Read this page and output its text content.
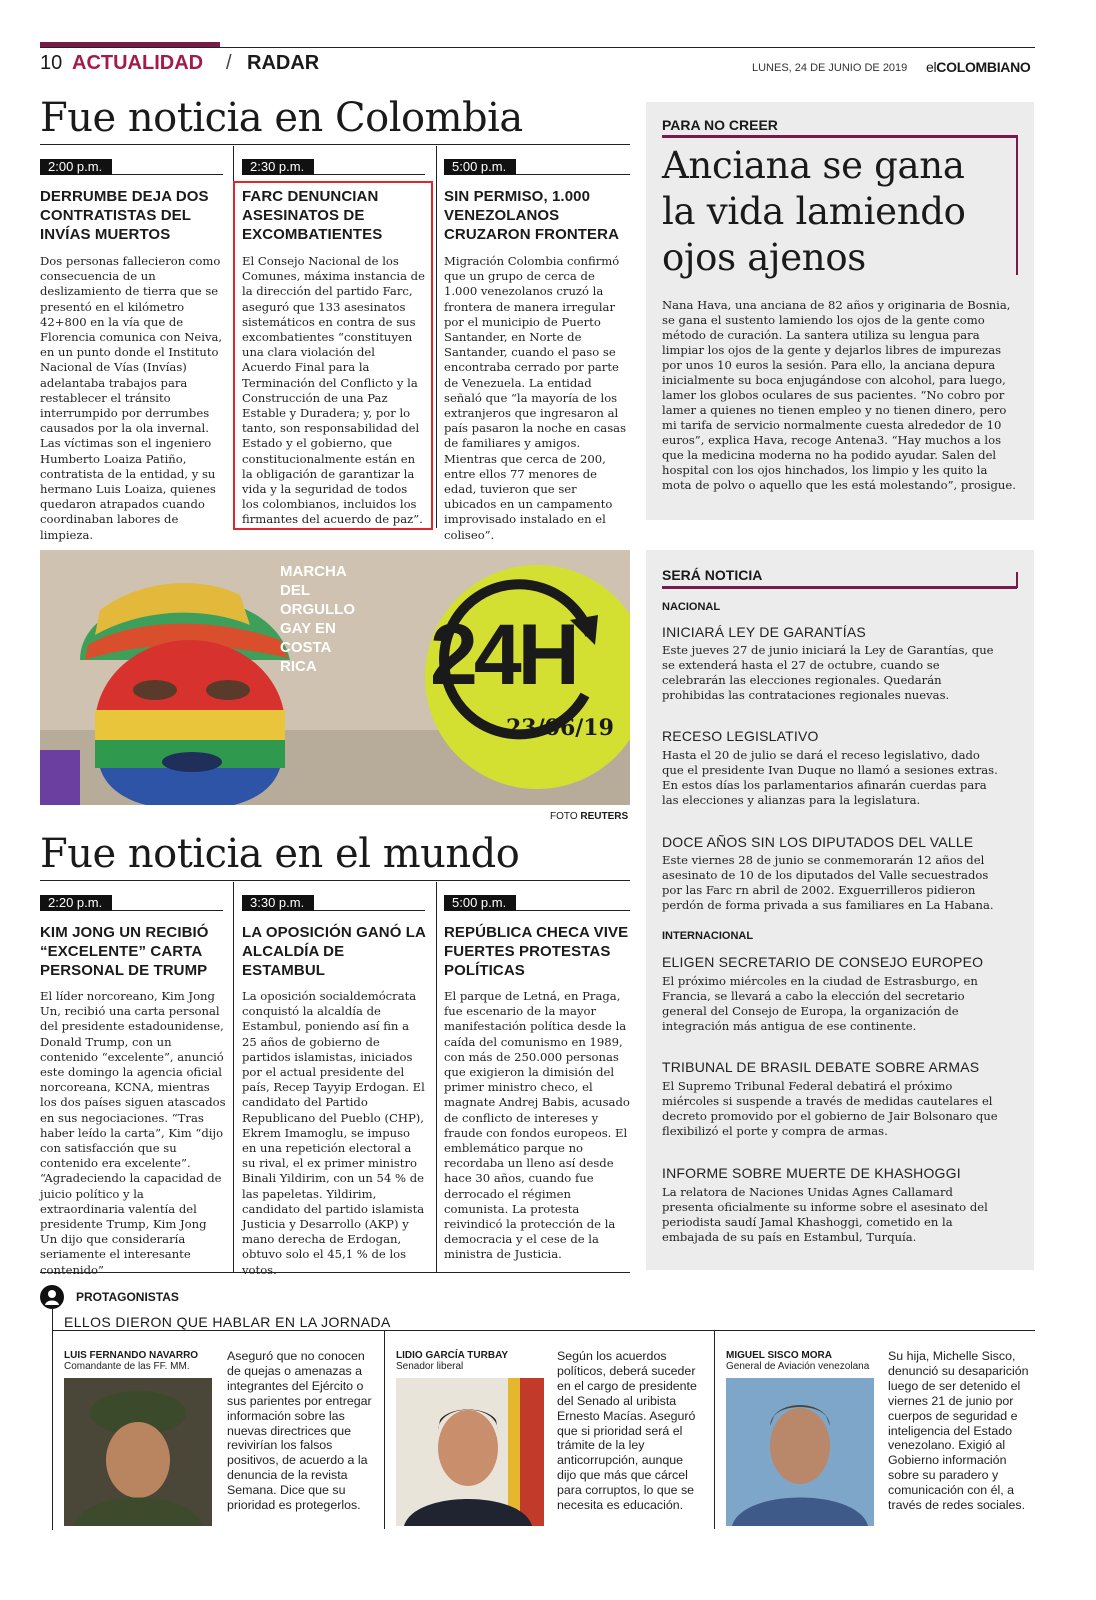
10 ACTUALIDAD / RADAR	LUNES, 24 DE JUNIO DE 2019 elCOLOMBIANO
Fue noticia en Colombia
2:00 p.m.
DERRUMBE DEJA DOS CONTRATISTAS DEL INVÍAS MUERTOS
Dos personas fallecieron como consecuencia de un deslizamiento de tierra que se presentó en el kilómetro 42+800 en la vía que de Florencia comunica con Neiva, en un punto donde el Instituto Nacional de Vías (Invías) adelantaba trabajos para restablecer el tránsito interrumpido por derrumbes causados por la ola invernal. Las víctimas son el ingeniero Humberto Loaiza Patiño, contratista de la entidad, y su hermano Luis Loaiza, quienes quedaron atrapados cuando coordinaban labores de limpieza.
2:30 p.m.
FARC DENUNCIAN ASESINATOS DE EXCOMBATIENTES
El Consejo Nacional de los Comunes, máxima instancia de la dirección del partido Farc, aseguró que 133 asesinatos sistemáticos en contra de sus excombatientes “constituyen una clara violación del Acuerdo Final para la Terminación del Conflicto y la Construcción de una Paz Estable y Duradera; y, por lo tanto, son responsabilidad del Estado y el gobierno, que constitucionalmente están en la obligación de garantizar la vida y la seguridad de todos los colombianos, incluidos los firmantes del acuerdo de paz”.
5:00 p.m.
SIN PERMISO, 1.000 VENEZOLANOS CRUZARON FRONTERA
Migración Colombia confirmó que un grupo de cerca de 1.000 venezolanos cruzó la frontera de manera irregular por el municipio de Puerto Santander, en Norte de Santander, cuando el paso se encontraba cerrado por parte de Venezuela. La entidad señaló que “la mayoría de los extranjeros que ingresaron al país pasaron la noche en casas de familiares y amigos. Mientras que cerca de 200, entre ellos 77 menores de edad, tuvieron que ser ubicados en un campamento improvisado instalado en el coliseo”.
PARA NO CREER
Anciana se gana la vida lamiendo ojos ajenos
Nana Hava, una anciana de 82 años y originaria de Bosnia, se gana el sustento lamiendo los ojos de la gente como método de curación. La santera utiliza su lengua para limpiar los ojos de la gente y dejarlos libres de impurezas por unos 10 euros la sesión. Para ello, la anciana depura inicialmente su boca enjugándose con alcohol, para luego, lamer los globos oculares de sus pacientes. “No cobro por lamer a quienes no tienen empleo y no tienen dinero, pero mi tarifa de servicio normalmente cuesta alrededor de 10 euros”, explica Hava, recoge Antena3. “Hay muchos a los que la medicina moderna no ha podido ayudar. Salen del hospital con los ojos hinchados, los limpio y les quito la mota de polvo o aquello que les está molestando”, prosigue.
MARCHA DEL ORGULLO GAY EN COSTA RICA	24H
23/06/19
FOTO REUTERS
Fue noticia en el mundo
2:20 p.m.
KIM JONG UN RECIBIÓ “EXCELENTE” CARTA PERSONAL DE TRUMP
El líder norcoreano, Kim Jong Un, recibió una carta personal del presidente estadounidense, Donald Trump, con un contenido “excelente”, anunció este domingo la agencia oficial norcoreana, KCNA, mientras los dos países siguen atascados en sus negociaciones. “Tras haber leído la carta”, Kim “dijo con satisfacción que su contenido era excelente”. “Agradeciendo la capacidad de juicio político y la extraordinaria valentía del presidente Trump, Kim Jong Un dijo que consideraría seriamente el interesante contenido”
3:30 p.m.
LA OPOSICIÓN GANÓ LA ALCALDÍA DE ESTAMBUL
La oposición socialdemócrata conquistó la alcaldía de Estambul, poniendo así fin a 25 años de gobierno de partidos islamistas, iniciados por el actual presidente del país, Recep Tayyip Erdogan. El candidato del Partido Republicano del Pueblo (CHP), Ekrem Imamoglu, se impuso en una repetición electoral a su rival, el ex primer ministro Binali Yildirim, con un 54 % de las papeletas. Yildirim, candidato del partido islamista Justicia y Desarrollo (AKP) y mano derecha de Erdogan, obtuvo solo el 45,1 % de los votos.
5:00 p.m.
REPÚBLICA CHECA VIVE FUERTES PROTESTAS POLÍTICAS
El parque de Letná, en Praga, fue escenario de la mayor manifestación política desde la caída del comunismo en 1989, con más de 250.000 personas que exigieron la dimisión del primer ministro checo, el magnate Andrej Babis, acusado de conflicto de intereses y fraude con fondos europeos. El emblemático parque no recordaba un lleno así desde hace 30 años, cuando fue derrocado el régimen comunista. La protesta reivindicó la protección de la democracia y el cese de la ministra de Justicia.
SERÁ NOTICIA
NACIONAL
INICIARÁ LEY DE GARANTÍAS
Este jueves 27 de junio iniciará la Ley de Garantías, que se extenderá hasta el 27 de octubre, cuando se celebrarán las elecciones regionales. Quedarán prohibidas las contrataciones regionales nuevas.
RECESO LEGISLATIVO
Hasta el 20 de julio se dará el receso legislativo, dado que el presidente Ivan Duque no llamó a sesiones extras. En estos días los parlamentarios afinarán cuerdas para las elecciones y alianzas para la legislatura.
DOCE AÑOS SIN LOS DIPUTADOS DEL VALLE
Este viernes 28 de junio se conmemorarán 12 años del asesinato de 10 de los diputados del Valle secuestrados por las Farc rn abril de 2002. Exguerrilleros pidieron perdón de forma privada a sus familiares en La Habana.
INTERNACIONAL
ELIGEN SECRETARIO DE CONSEJO EUROPEO
El próximo miércoles en la ciudad de Estrasburgo, en Francia, se llevará a cabo la elección del secretario general del Consejo de Europa, la organización de integración más antigua de ese continente.
TRIBUNAL DE BRASIL DEBATE SOBRE ARMAS
El Supremo Tribunal Federal debatirá el próximo miércoles si suspende a través de medidas cautelares el decreto promovido por el gobierno de Jair Bolsonaro que flexibilizó el porte y compra de armas.
INFORME SOBRE MUERTE DE KHASHOGGI
La relatora de Naciones Unidas Agnes Callamard presenta oficialmente su informe sobre el asesinato del periodista saudí Jamal Khashoggi, cometido en la embajada de su país en Estambul, Turquía.
PROTAGONISTAS
ELLOS DIERON QUE HABLAR EN LA JORNADA
LUIS FERNANDO NAVARRO
Comandante de las FF. MM.
Aseguró que no conocen de quejas o amenazas a integrantes del Ejército o sus parientes por entregar información sobre las nuevas directrices que revivirían los falsos positivos, de acuerdo a la denuncia de la revista Semana. Dice que su prioridad es protegerlos.
LIDIO GARCÍA TURBAY
Senador liberal
Según los acuerdos políticos, deberá suceder en el cargo de presidente del Senado al uribista Ernesto Macías. Aseguró que si prioridad será el trámite de la ley anticorrupción, aunque dijo que más que cárcel para corruptos, lo que se necesita es educación.
MIGUEL SISCO MORA
General de Aviación venezolana
Su hija, Michelle Sisco, denunció su desaparición luego de ser detenido el viernes 21 de junio por cuerpos de seguridad e inteligencia del Estado venezolano. Exigió al Gobierno información sobre su paradero y comunicación con él, a través de redes sociales.
